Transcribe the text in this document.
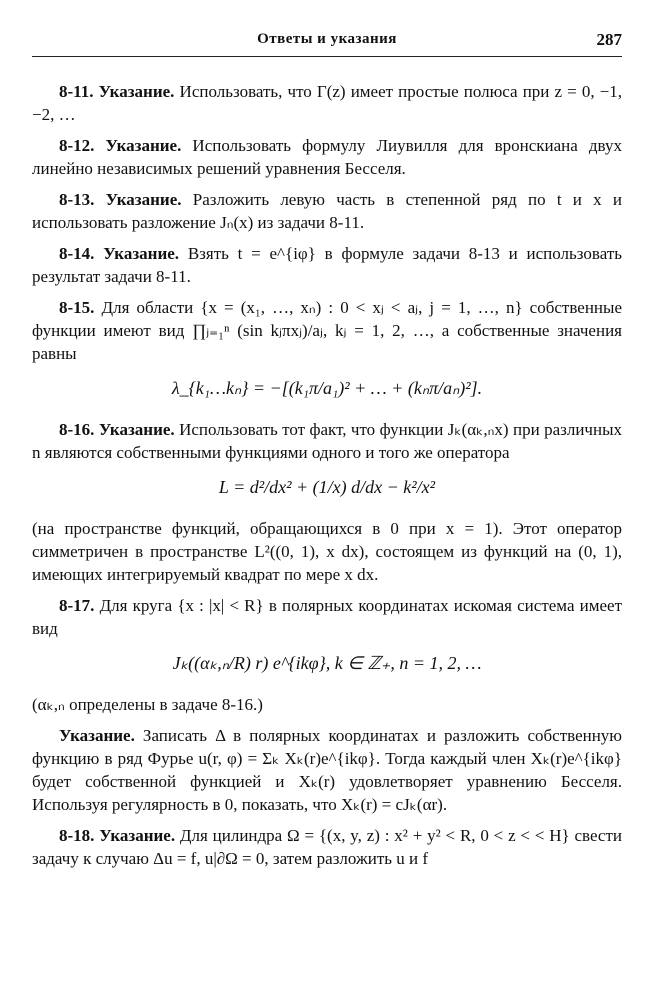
Ответы и указания	287

8-11. Указание. Использовать, что Γ(z) имеет простые полюса при z = 0, −1, −2, …

8-12. Указание. Использовать формулу Лиувилля для вронскиана двух линейно независимых решений уравнения Бесселя.

8-13. Указание. Разложить левую часть в степенной ряд по t и x и использовать разложение Jₙ(x) из задачи 8-11.

8-14. Указание. Взять t = e^{iφ} в формуле задачи 8-13 и использовать результат задачи 8-11.

8-15. Для области {x = (x₁, …, xₙ) : 0 < xⱼ < aⱼ, j = 1, …, n} собственные функции имеют вид ∏ⱼ₌₁ⁿ (sin kⱼπxⱼ)/aⱼ, kⱼ = 1, 2, …, а собственные значения равны

λ_{k₁…kₙ} = −[(k₁π/a₁)² + … + (kₙπ/aₙ)²].

8-16. Указание. Использовать тот факт, что функции Jₖ(αₖ,ₙx) при различных n являются собственными функциями одного и того же оператора

L = d²/dx² + (1/x) d/dx − k²/x²

(на пространстве функций, обращающихся в 0 при x = 1). Этот оператор симметричен в пространстве L²((0, 1), x dx), состоящем из функций на (0, 1), имеющих интегрируемый квадрат по мере x dx.

8-17. Для круга {x : |x| < R} в полярных координатах искомая система имеет вид

Jₖ((αₖ,ₙ/R) r) e^{ikφ}, k ∈ ℤ₊, n = 1, 2, …

(αₖ,ₙ определены в задаче 8-16.)

Указание. Записать Δ в полярных координатах и разложить собственную функцию в ряд Фурье u(r, φ) = Σₖ Xₖ(r)e^{ikφ}. Тогда каждый член Xₖ(r)e^{ikφ} будет собственной функцией и Xₖ(r) удовлетворяет уравнению Бесселя. Используя регулярность в 0, показать, что Xₖ(r) = cJₖ(αr).

8-18. Указание. Для цилиндра Ω = {(x, y, z) : x² + y² < R, 0 < z < < H} свести задачу к случаю Δu = f, u|∂Ω = 0, затем разложить u и f
